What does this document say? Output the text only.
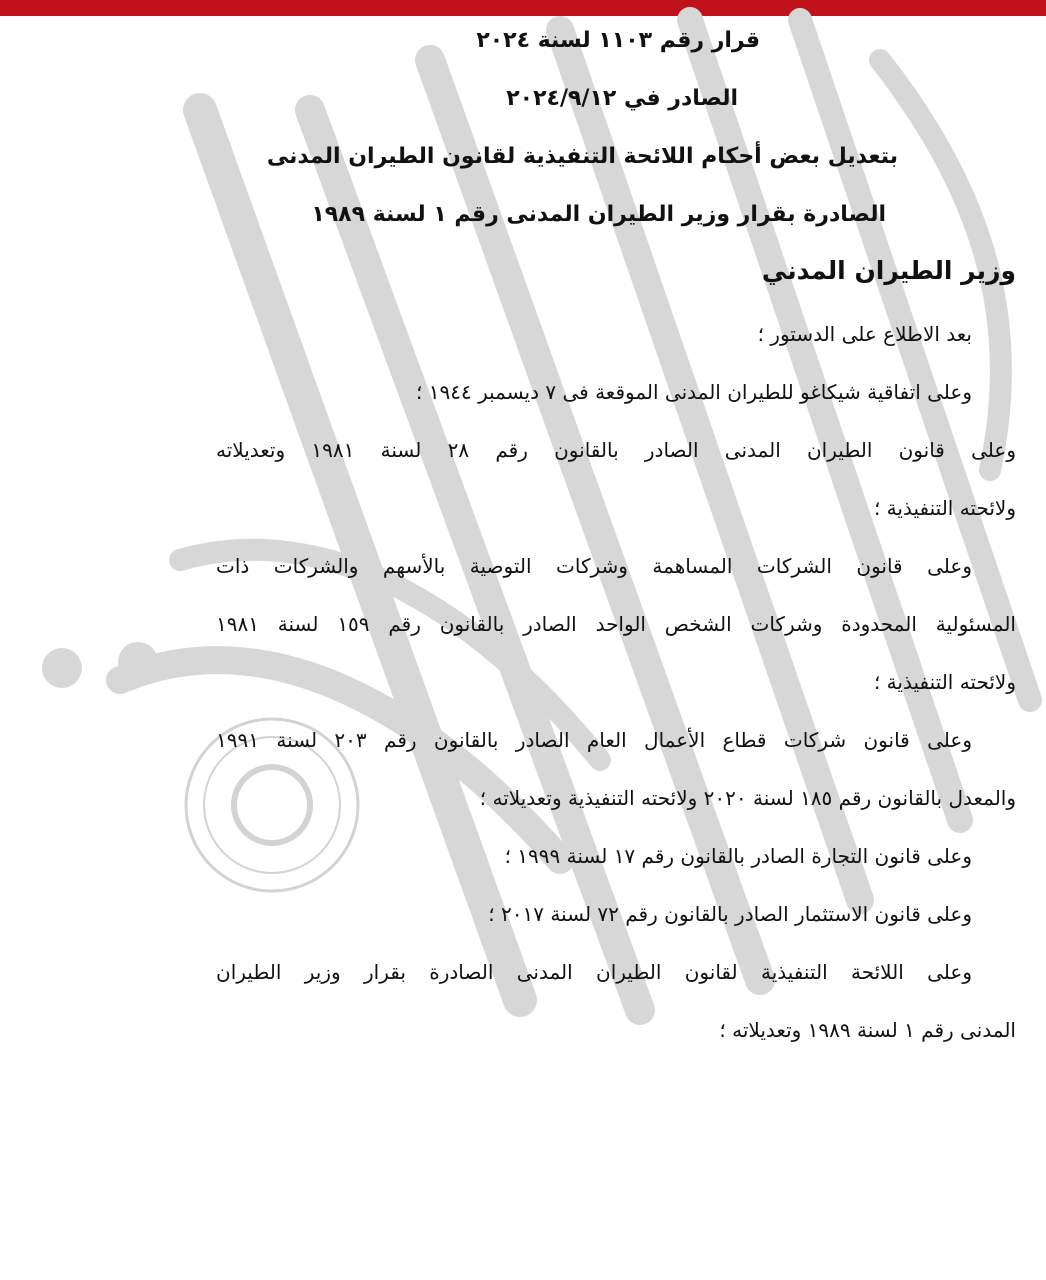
قرار رقم ١١٠٣ لسنة ٢٠٢٤
الصادر في ٢٠٢٤/٩/١٢
بتعديل بعض أحكام اللائحة التنفيذية لقانون الطيران المدنى
الصادرة بقرار وزير الطيران المدنى رقم ١ لسنة ١٩٨٩
وزير الطيران المدني
بعد الاطلاع على الدستور ؛
وعلى اتفاقية شيكاغو للطيران المدنى الموقعة فى ٧ ديسمبر ١٩٤٤ ؛
وعلى قانون الطيران المدنى الصادر بالقانون رقم ٢٨ لسنة ١٩٨١ وتعديلاته
ولائحته التنفيذية ؛
وعلى قانون الشركات المساهمة وشركات التوصية بالأسهم والشركات ذات
المسئولية المحدودة وشركات الشخص الواحد الصادر بالقانون رقم ١٥٩ لسنة ١٩٨١
ولائحته التنفيذية ؛
وعلى قانون شركات قطاع الأعمال العام الصادر بالقانون رقم ٢٠٣ لسنة ١٩٩١
والمعدل بالقانون رقم ١٨٥ لسنة ٢٠٢٠ ولائحته التنفيذية وتعديلاته ؛
وعلى قانون التجارة الصادر بالقانون رقم ١٧ لسنة ١٩٩٩ ؛
وعلى قانون الاستثمار الصادر بالقانون رقم ٧٢ لسنة ٢٠١٧ ؛
وعلى اللائحة التنفيذية لقانون الطيران المدنى الصادرة بقرار وزير الطيران
المدنى رقم ١ لسنة ١٩٨٩ وتعديلاته ؛
